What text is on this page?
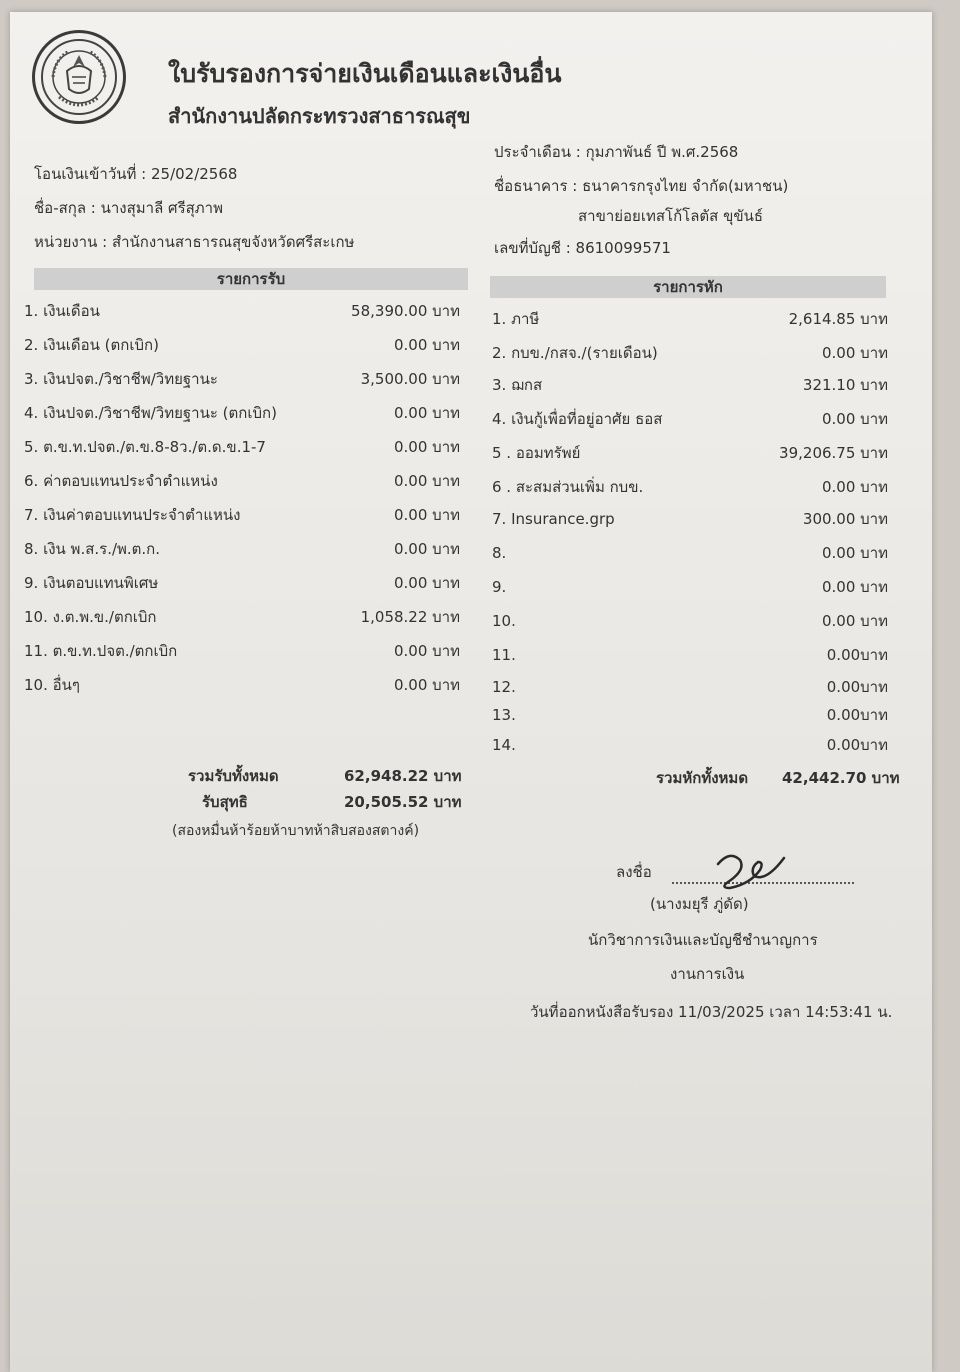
ใบรับรองการจ่ายเงินเดือนและเงินอื่น
สำนักงานปลัดกระทรวงสาธารณสุข
โอนเงินเข้าวันที่ : 25/02/2568
ชื่อ-สกุล : นางสุมาลี ศรีสุภาพ
หน่วยงาน : สำนักงานสาธารณสุขจังหวัดศรีสะเกษ
ประจำเดือน : กุมภาพันธ์ ปี พ.ศ.2568
ชื่อธนาคาร : ธนาคารกรุงไทย จำกัด(มหาชน)
สาขาย่อยเทสโก้โลตัส ขุขันธ์
เลขที่บัญชี : 8610099571
รายการรับ
1. เงินเดือน	58,390.00 บาท
2. เงินเดือน (ตกเบิก)	0.00 บาท
3. เงินปจต./วิชาชีพ/วิทยฐานะ	3,500.00 บาท
4. เงินปจต./วิชาชีพ/วิทยฐานะ (ตกเบิก)	0.00 บาท
5. ต.ข.ท.ปจต./ต.ข.8-8ว./ต.ด.ข.1-7	0.00 บาท
6. ค่าตอบแทนประจำตำแหน่ง	0.00 บาท
7. เงินค่าตอบแทนประจำตำแหน่ง	0.00 บาท
8. เงิน พ.ส.ร./พ.ต.ก.	0.00 บาท
9. เงินตอบแทนพิเศษ	0.00 บาท
10. ง.ต.พ.ข./ตกเบิก	1,058.22 บาท
11. ต.ข.ท.ปจต./ตกเบิก	0.00 บาท
10. อื่นๆ	0.00 บาท
รายการหัก
1. ภาษี	2,614.85 บาท
2. กบข./กสจ./(รายเดือน)	0.00 บาท
3. ฌกส	321.10 บาท
4. เงินกู้เพื่อที่อยู่อาศัย ธอส	0.00 บาท
5 . ออมทรัพย์	39,206.75 บาท
6 . สะสมส่วนเพิ่ม กบข.	0.00 บาท
7. Insurance.grp	300.00 บาท
8.	0.00 บาท
9.	0.00 บาท
10.	0.00 บาท
11.	0.00บาท
12.	0.00บาท
13.	0.00บาท
14.	0.00บาท
รวมรับทั้งหมด	62,948.22 บาท
รับสุทธิ	20,505.52 บาท
(สองหมื่นห้าร้อยห้าบาทห้าสิบสองสตางค์)
รวมหักทั้งหมด 42,442.70 บาท
ลงชื่อ
(นางมยุรี ภู่ดัด)
นักวิชาการเงินและบัญชีชำนาญการ
งานการเงิน
วันที่ออกหนังสือรับรอง 11/03/2025 เวลา 14:53:41 น.
